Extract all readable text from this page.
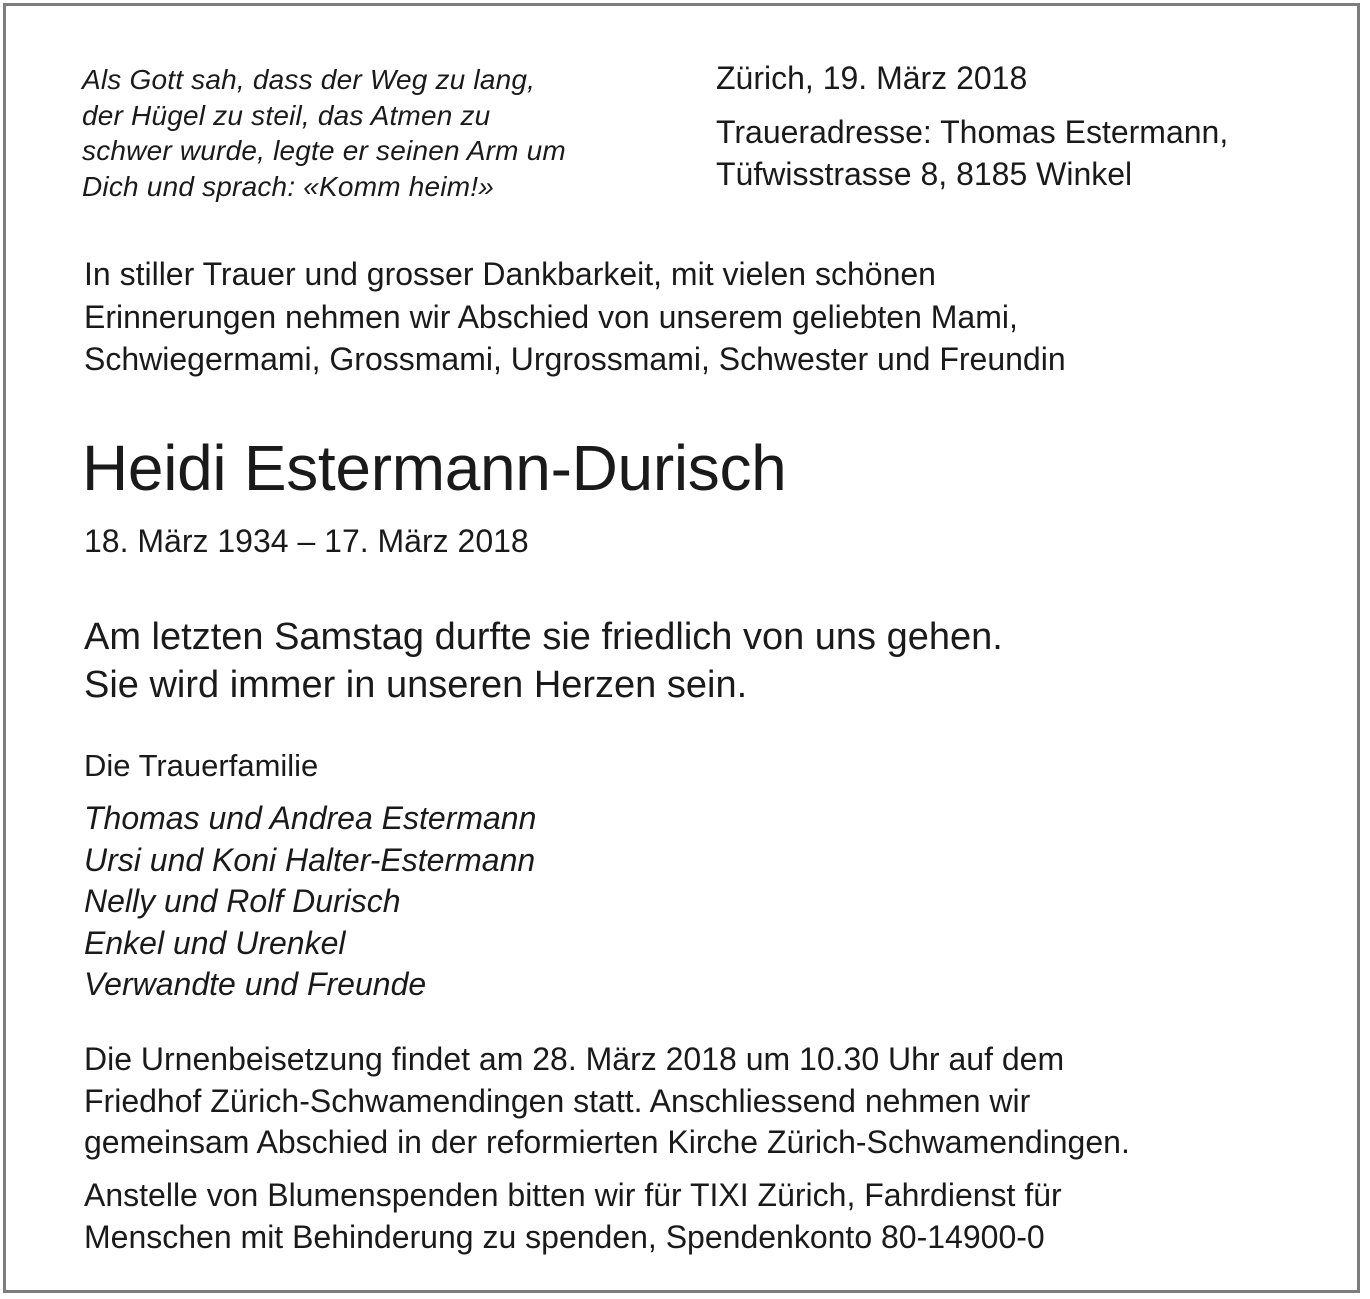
Als Gott sah, dass der Weg zu lang,
der Hügel zu steil, das Atmen zu
schwer wurde, legte er seinen Arm um
Dich und sprach: «Komm heim!»

Zürich, 19. März 2018

Traueradresse: Thomas Estermann,
Tüfwisstrasse 8, 8185 Winkel

In stiller Trauer und grosser Dankbarkeit, mit vielen schönen
Erinnerungen nehmen wir Abschied von unserem geliebten Mami,
Schwiegermami, Grossmami, Urgrossmami, Schwester und Freundin

Heidi Estermann-Durisch
18. März 1934 – 17. März 2018

Am letzten Samstag durfte sie friedlich von uns gehen.
Sie wird immer in unseren Herzen sein.

Die Trauerfamilie
Thomas und Andrea Estermann
Ursi und Koni Halter-Estermann
Nelly und Rolf Durisch
Enkel und Urenkel
Verwandte und Freunde

Die Urnenbeisetzung findet am 28. März 2018 um 10.30 Uhr auf dem
Friedhof Zürich-Schwamendingen statt. Anschliessend nehmen wir
gemeinsam Abschied in der reformierten Kirche Zürich-Schwamendingen.

Anstelle von Blumenspenden bitten wir für TIXI Zürich, Fahrdienst für
Menschen mit Behinderung zu spenden, Spendenkonto 80-14900-0
